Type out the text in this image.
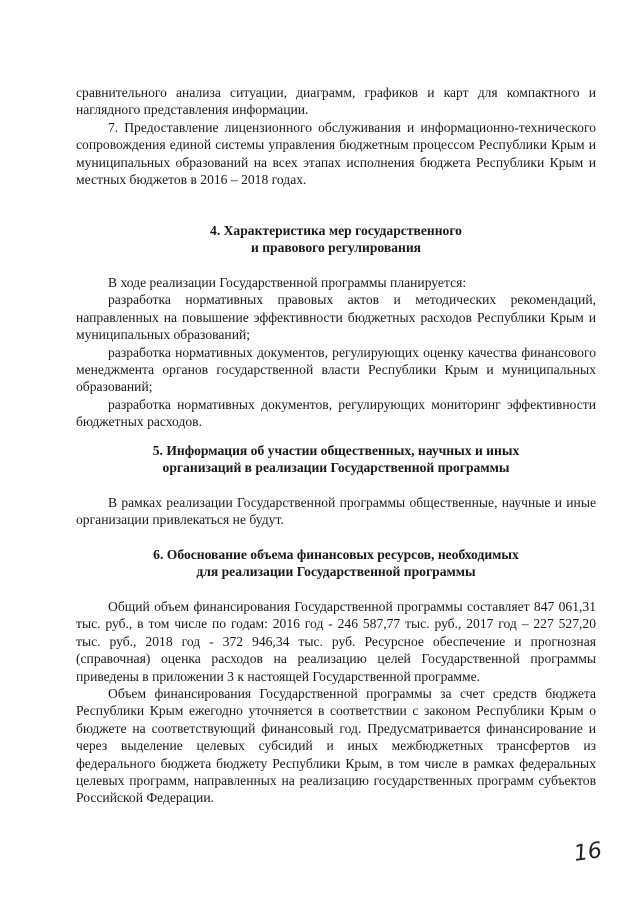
сравнительного анализа ситуации, диаграмм, графиков и карт для компактного и наглядного представления информации.

7. Предоставление лицензионного обслуживания и информационно-технического сопровождения единой системы управления бюджетным процессом Республики Крым и муниципальных образований на всех этапах исполнения бюджета Республики Крым и местных бюджетов в 2016 – 2018 годах.

4. Характеристика мер государственного
и правового регулирования

В ходе реализации Государственной программы планируется:

разработка нормативных правовых актов и методических рекомендаций, направленных на повышение эффективности бюджетных расходов Республики Крым и муниципальных образований;

разработка нормативных документов, регулирующих оценку качества финансового менеджмента органов государственной власти Республики Крым и муниципальных образований;

разработка нормативных документов, регулирующих мониторинг эффективности бюджетных расходов.

5. Информация об участии общественных, научных и иных
организаций в реализации Государственной программы

В рамках реализации Государственной программы общественные, научные и иные организации привлекаться не будут.

6. Обоснование объема финансовых ресурсов, необходимых
для реализации Государственной программы

Общий объем финансирования Государственной программы составляет 847 061,31 тыс. руб., в том числе по годам: 2016 год - 246 587,77 тыс. руб., 2017 год – 227 527,20 тыс. руб., 2018 год - 372 946,34 тыс. руб. Ресурсное обеспечение и прогнозная (справочная) оценка расходов на реализацию целей Государственной программы приведены в приложении 3 к настоящей Государственной программе.

Объем финансирования Государственной программы за счет средств бюджета Республики Крым ежегодно уточняется в соответствии с законом Республики Крым о бюджете на соответствующий финансовый год. Предусматривается финансирование и через выделение целевых субсидий и иных межбюджетных трансфертов из федерального бюджета бюджету Республики Крым, в том числе в рамках федеральных целевых программ, направленных на реализацию государственных программ субъектов Российской Федерации.

16
